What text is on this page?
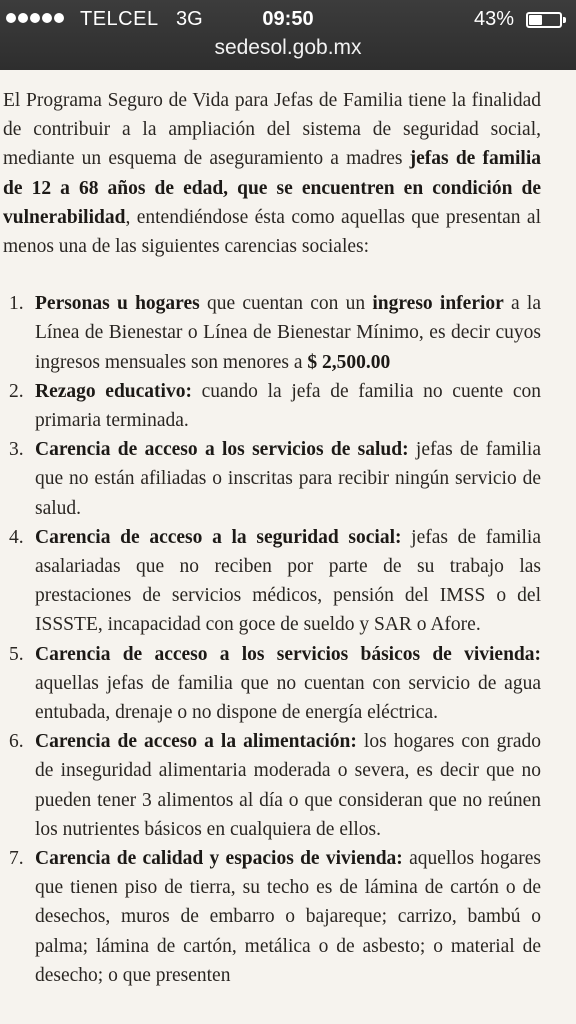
TELCEL 3G	09:50	43%
sedesol.gob.mx

El Programa Seguro de Vida para Jefas de Familia tiene la finalidad de contribuir a la ampliación del sistema de seguridad social, mediante un esquema de aseguramiento a madres jefas de familia de 12 a 68 años de edad, que se encuentren en condición de vulnerabilidad, entendiéndose ésta como aquellas que presentan al menos una de las siguientes carencias sociales:

1. Personas u hogares que cuentan con un ingreso inferior a la Línea de Bienestar o Línea de Bienestar Mínimo, es decir cuyos ingresos mensuales son menores a $ 2,500.00
2. Rezago educativo: cuando la jefa de familia no cuente con primaria terminada.
3. Carencia de acceso a los servicios de salud: jefas de familia que no están afiliadas o inscritas para recibir ningún servicio de salud.
4. Carencia de acceso a la seguridad social: jefas de familia asalariadas que no reciben por parte de su trabajo las prestaciones de servicios médicos, pensión del IMSS o del ISSSTE, incapacidad con goce de sueldo y SAR o Afore.
5. Carencia de acceso a los servicios básicos de vivienda: aquellas jefas de familia que no cuentan con servicio de agua entubada, drenaje o no dispone de energía eléctrica.
6. Carencia de acceso a la alimentación: los hogares con grado de inseguridad alimentaria moderada o severa, es decir que no pueden tener 3 alimentos al día o que consideran que no reúnen los nutrientes básicos en cualquiera de ellos.
7. Carencia de calidad y espacios de vivienda: aquellos hogares que tienen piso de tierra, su techo es de lámina de cartón o de desechos, muros de embarro o bajareque; carrizo, bambú o palma; lámina de cartón, metálica o de asbesto; o material de desecho; o que presenten
